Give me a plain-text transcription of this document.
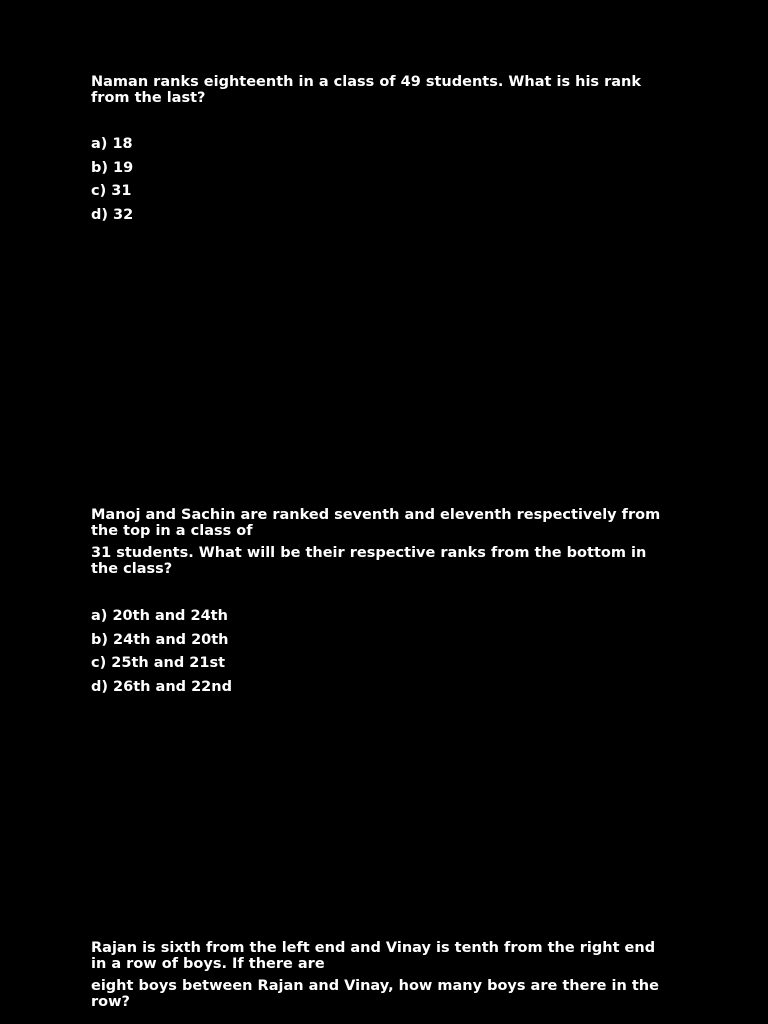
Naman ranks eighteenth in a class of 49 students. What is his rank from the last?

a) 18
b) 19
c) 31
d) 32

Manoj and Sachin are ranked seventh and eleventh respectively from the top in a class of

31 students. What will be their respective ranks from the bottom in the class?

a) 20th and 24th
b) 24th and 20th
c) 25th and 21st
d) 26th and 22nd

Rajan is sixth from the left end and Vinay is tenth from the right end in a row of boys. If there are

eight boys between Rajan and Vinay, how many boys are there in the row?
